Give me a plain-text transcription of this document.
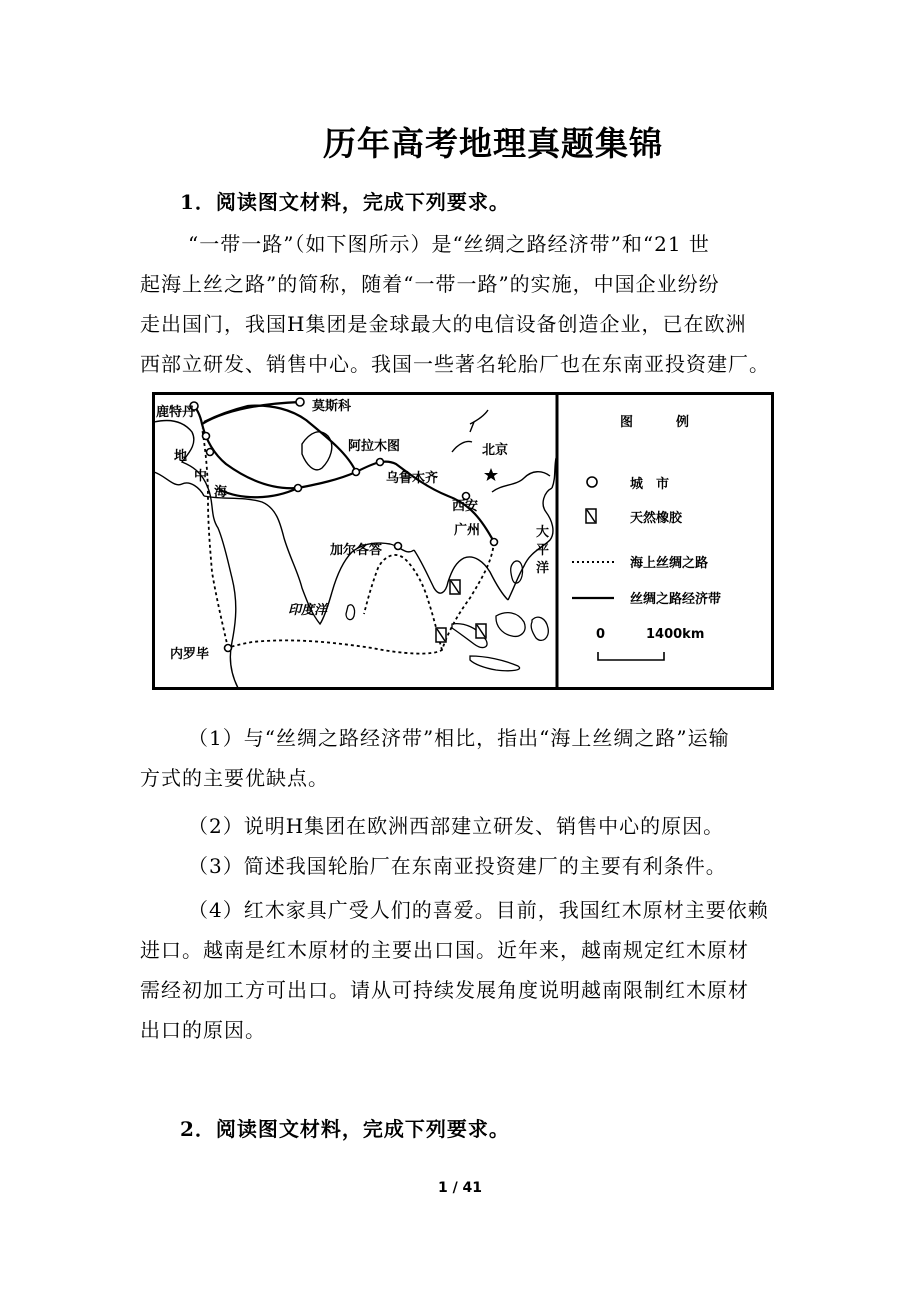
历年高考地理真题集锦
1．阅读图文材料，完成下列要求。
“一带一路”（如下图所示）是“丝绸之路经济带”和“21 世
起海上丝之路”的简称，随着“一带一路”的实施，中国企业纷纷
走出国门，我国H集团是金球最大的电信设备创造企业，已在欧洲
西部立研发、销售中心。我国一些著名轮胎厂也在东南亚投资建厂。
鹿特丹	莫斯科
阿拉木图	北京
乌鲁木齐
西安
广州
加尔各答
内罗毕
地
中
海
印度洋
大
平
洋
图	例
城　市
天然橡胶
海上丝绸之路
丝绸之路经济带
0	1400km
（1）与“丝绸之路经济带”相比，指出“海上丝绸之路”运输
方式的主要优缺点。
（2）说明H集团在欧洲西部建立研发、销售中心的原因。
（3）简述我国轮胎厂在东南亚投资建厂的主要有利条件。
（4）红木家具广受人们的喜爱。目前，我国红木原材主要依赖
进口。越南是红木原材的主要出口国。近年来，越南规定红木原材
需经初加工方可出口。请从可持续发展角度说明越南限制红木原材
出口的原因。
2．阅读图文材料，完成下列要求。
1 / 41
